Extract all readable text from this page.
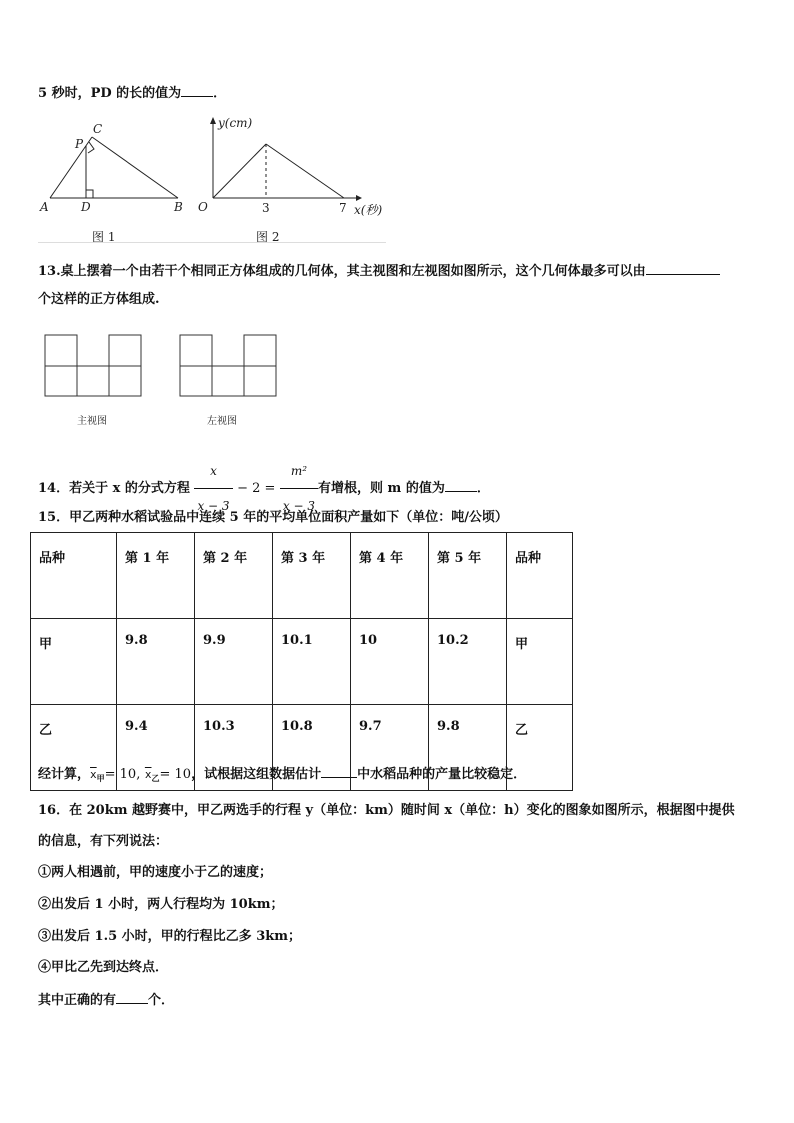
5 秒时，PD 的长的值为 ．
C
P
A	D	B
图 1
y(cm)
O	3	7 x(秒)
图 2
13.桌上摆着一个由若干个相同正方体组成的几何体，其主视图和左视图如图所示，这个几何体最多可以由
个这样的正方体组成.
主视图	左视图
14．若关于 x 的分式方程 $\frac{x}{x - 3} - 2 = \frac{\text{m²}}{x - 3}$ 有增根，则 m 的值为 ．
15．甲乙两种水稻试验品中连续 5 年的平均单位面积产量如下（单位：吨/公顷）
品种	第 1 年	第 2 年	第 3 年	第 4 年	第 5 年	品种
甲	9.8	9.9	10.1	10	10.2	甲
乙	9.4	10.3	10.8	9.7	9.8	乙
经计算，$\overline{x}_甲= 10$, $\overline{x}_乙= 10$，试根据这组数据估计	中水稻品种的产量比较稳定．
16．在 20km 越野赛中，甲乙两选手的行程 y（单位：km）随时间 x（单位：h）变化的图象如图所示，根据图中提供
的信息，有下列说法：
①两人相遇前，甲的速度小于乙的速度；
②出发后 1 小时，两人行程均为 10km；
③出发后 1.5 小时，甲的行程比乙多 3km；
④甲比乙先到达终点．
其中正确的有 个．
